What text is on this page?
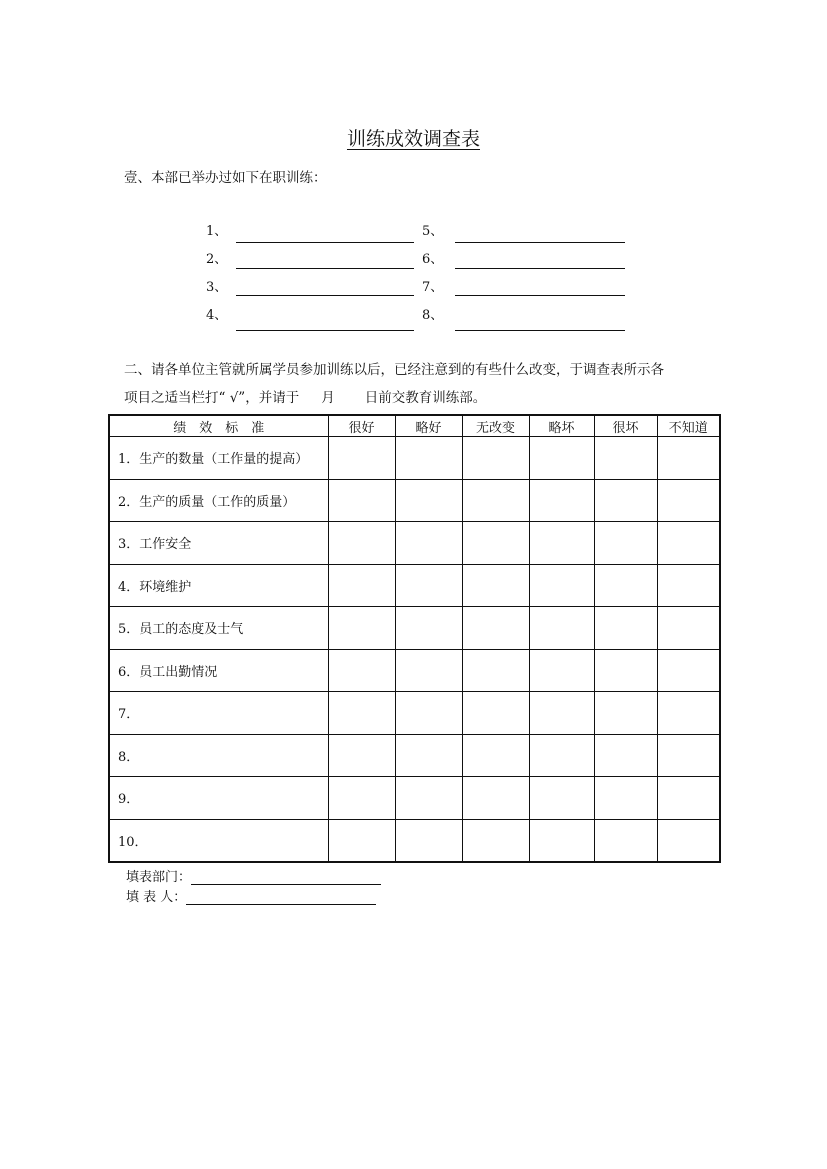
训练成效调查表
壹、本部已举办过如下在职训练：
1、
2、
3、
4、
5、
6、
7、
8、
二、请各单位主管就所属学员参加训练以后，已经注意到的有些什么改变，于调查表所示各
项目之适当栏打“ √”，并请于 月 日前交教育训练部。
绩　效　标　准	很好	略好	无改变	略坏	很坏	不知道
1．生产的数量（工作量的提高）						
2．生产的质量（工作的质量）						
3．工作安全						
4．环境维护						
5．员工的态度及士气						
6．员工出勤情况						
7．						
8．						
9．						
10．						
填表部门：
填 表 人：
